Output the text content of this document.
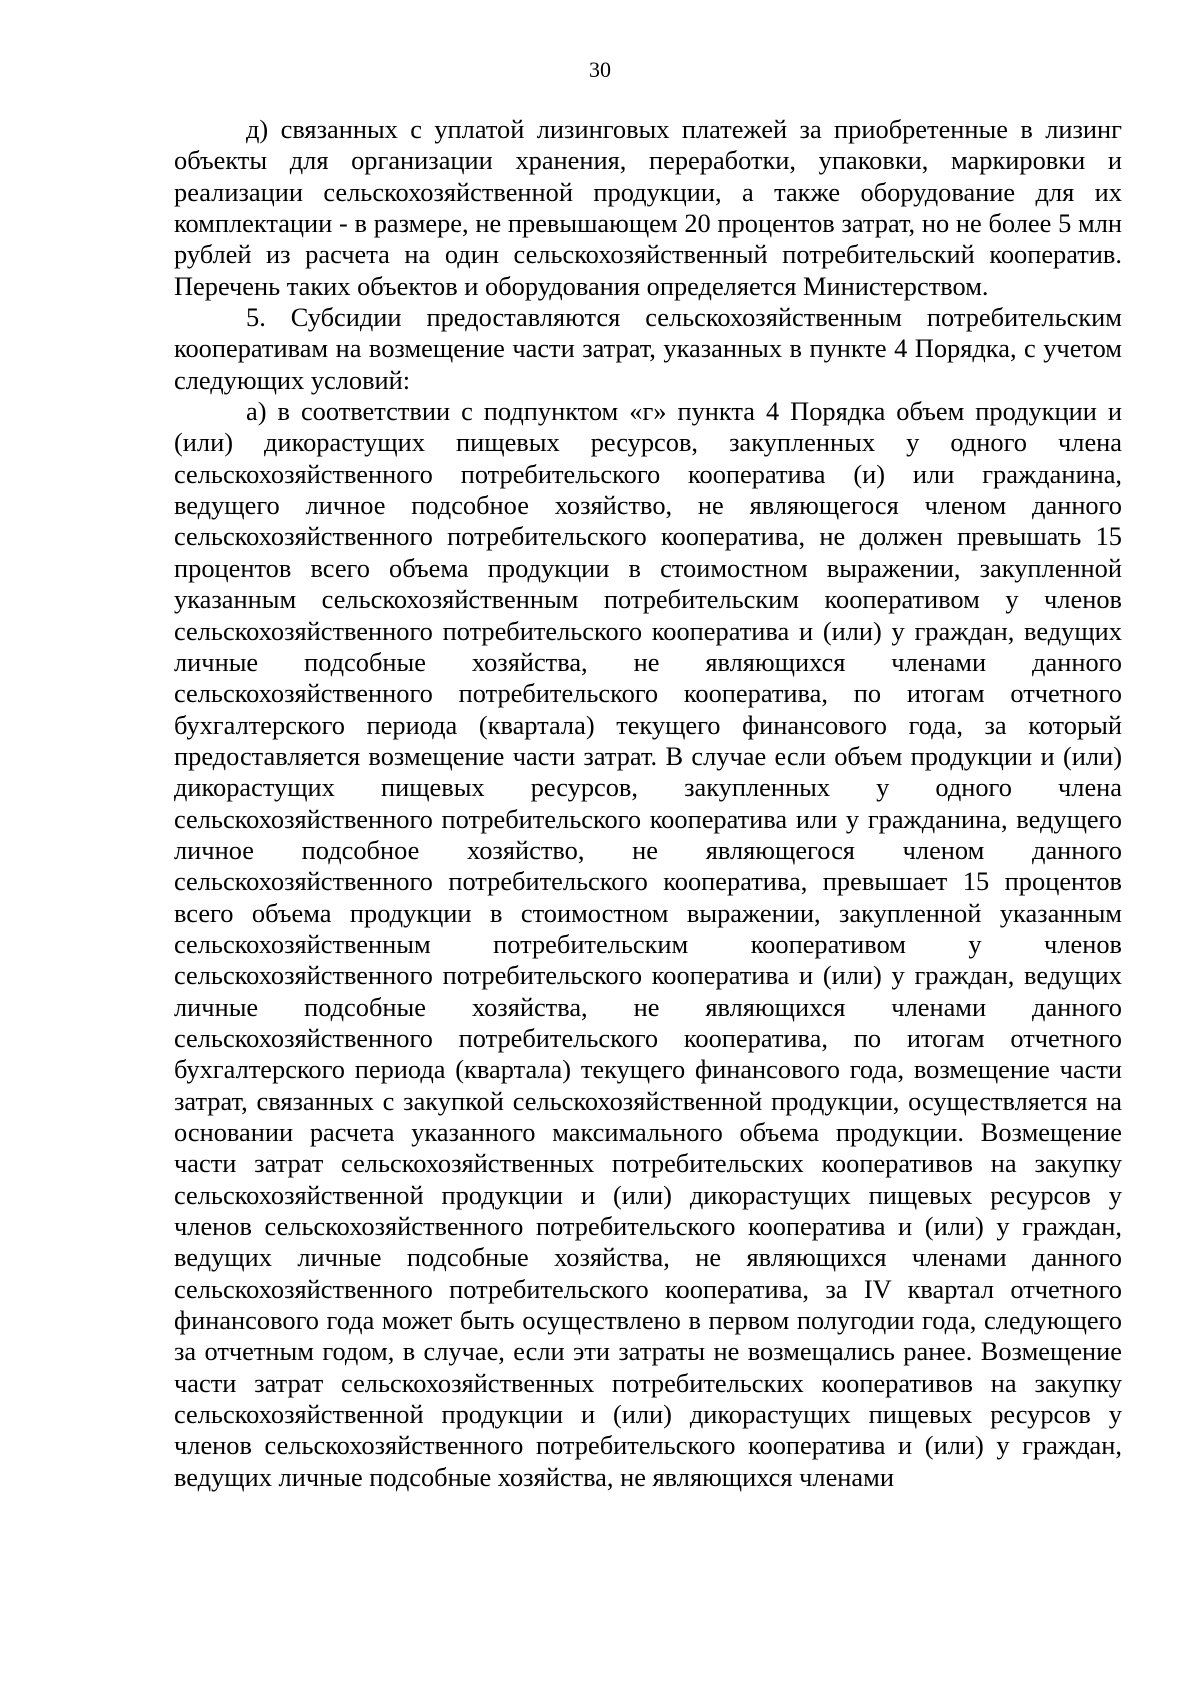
30

д) связанных с уплатой лизинговых платежей за приобретенные в лизинг объекты для организации хранения, переработки, упаковки, маркировки и реализации сельскохозяйственной продукции, а также оборудование для их комплектации - в размере, не превышающем 20 процентов затрат, но не более 5 млн рублей из расчета на один сельскохозяйственный потребительский кооператив. Перечень таких объектов и оборудования определяется Министерством.

5. Субсидии предоставляются сельскохозяйственным потребительским кооперативам на возмещение части затрат, указанных в пункте 4 Порядка, с учетом следующих условий:

а) в соответствии с подпунктом «г» пункта 4 Порядка объем продукции и (или) дикорастущих пищевых ресурсов, закупленных у одного члена сельскохозяйственного потребительского кооператива (и) или гражданина, ведущего личное подсобное хозяйство, не являющегося членом данного сельскохозяйственного потребительского кооператива, не должен превышать 15 процентов всего объема продукции в стоимостном выражении, закупленной указанным сельскохозяйственным потребительским кооперативом у членов сельскохозяйственного потребительского кооператива и (или) у граждан, ведущих личные подсобные хозяйства, не являющихся членами данного сельскохозяйственного потребительского кооператива, по итогам отчетного бухгалтерского периода (квартала) текущего финансового года, за который предоставляется возмещение части затрат. В случае если объем продукции и (или) дикорастущих пищевых ресурсов, закупленных у одного члена сельскохозяйственного потребительского кооператива или у гражданина, ведущего личное подсобное хозяйство, не являющегося членом данного сельскохозяйственного потребительского кооператива, превышает 15 процентов всего объема продукции в стоимостном выражении, закупленной указанным сельскохозяйственным потребительским кооперативом у членов сельскохозяйственного потребительского кооператива и (или) у граждан, ведущих личные подсобные хозяйства, не являющихся членами данного сельскохозяйственного потребительского кооператива, по итогам отчетного бухгалтерского периода (квартала) текущего финансового года, возмещение части затрат, связанных с закупкой сельскохозяйственной продукции, осуществляется на основании расчета указанного максимального объема продукции. Возмещение части затрат сельскохозяйственных потребительских кооперативов на закупку сельскохозяйственной продукции и (или) дикорастущих пищевых ресурсов у членов сельскохозяйственного потребительского кооператива и (или) у граждан, ведущих личные подсобные хозяйства, не являющихся членами данного сельскохозяйственного потребительского кооператива, за IV квартал отчетного финансового года может быть осуществлено в первом полугодии года, следующего за отчетным годом, в случае, если эти затраты не возмещались ранее. Возмещение части затрат сельскохозяйственных потребительских кооперативов на закупку сельскохозяйственной продукции и (или) дикорастущих пищевых ресурсов у членов сельскохозяйственного потребительского кооператива и (или) у граждан, ведущих личные подсобные хозяйства, не являющихся членами
